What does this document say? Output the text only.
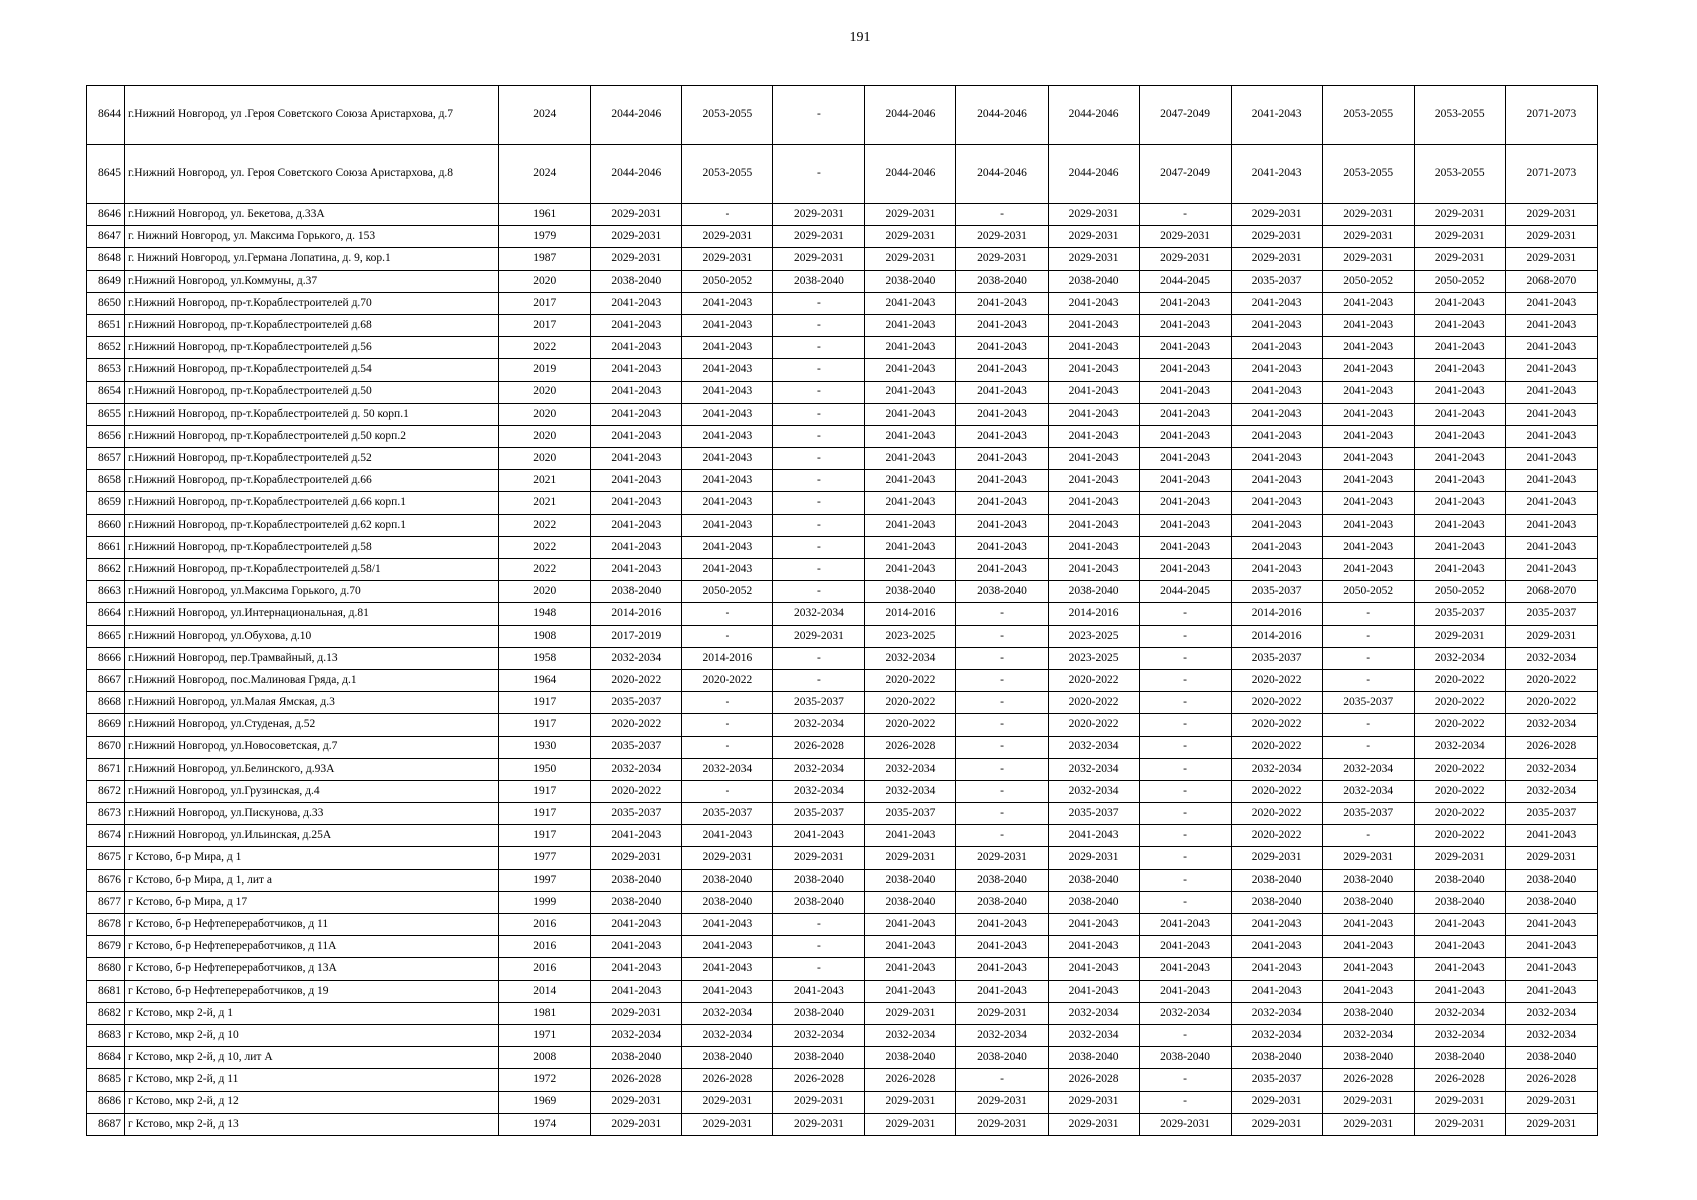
191
8644	г.Нижний Новгород, ул .Героя Советского Союза Аристархова, д.7	2024	2044-2046	2053-2055	-	2044-2046	2044-2046	2044-2046	2047-2049	2041-2043	2053-2055	2053-2055	2071-2073
8645	г.Нижний Новгород, ул. Героя Советского Союза Аристархова, д.8	2024	2044-2046	2053-2055	-	2044-2046	2044-2046	2044-2046	2047-2049	2041-2043	2053-2055	2053-2055	2071-2073
8646	г.Нижний Новгород, ул. Бекетова, д.33А	1961	2029-2031	-	2029-2031	2029-2031	-	2029-2031	-	2029-2031	2029-2031	2029-2031	2029-2031
8647	г. Нижний Новгород, ул. Максима Горького, д. 153	1979	2029-2031	2029-2031	2029-2031	2029-2031	2029-2031	2029-2031	2029-2031	2029-2031	2029-2031	2029-2031	2029-2031
8648	г. Нижний Новгород, ул.Германа Лопатина, д. 9, кор.1	1987	2029-2031	2029-2031	2029-2031	2029-2031	2029-2031	2029-2031	2029-2031	2029-2031	2029-2031	2029-2031	2029-2031
8649	г.Нижний Новгород, ул.Коммуны, д.37	2020	2038-2040	2050-2052	2038-2040	2038-2040	2038-2040	2038-2040	2044-2045	2035-2037	2050-2052	2050-2052	2068-2070
8650	г.Нижний Новгород, пр-т.Кораблестроителей д.70	2017	2041-2043	2041-2043	-	2041-2043	2041-2043	2041-2043	2041-2043	2041-2043	2041-2043	2041-2043	2041-2043
8651	г.Нижний Новгород, пр-т.Кораблестроителей д.68	2017	2041-2043	2041-2043	-	2041-2043	2041-2043	2041-2043	2041-2043	2041-2043	2041-2043	2041-2043	2041-2043
8652	г.Нижний Новгород, пр-т.Кораблестроителей д.56	2022	2041-2043	2041-2043	-	2041-2043	2041-2043	2041-2043	2041-2043	2041-2043	2041-2043	2041-2043	2041-2043
8653	г.Нижний Новгород, пр-т.Кораблестроителей д.54	2019	2041-2043	2041-2043	-	2041-2043	2041-2043	2041-2043	2041-2043	2041-2043	2041-2043	2041-2043	2041-2043
8654	г.Нижний Новгород, пр-т.Кораблестроителей д.50	2020	2041-2043	2041-2043	-	2041-2043	2041-2043	2041-2043	2041-2043	2041-2043	2041-2043	2041-2043	2041-2043
8655	г.Нижний Новгород, пр-т.Кораблестроителей д. 50 корп.1	2020	2041-2043	2041-2043	-	2041-2043	2041-2043	2041-2043	2041-2043	2041-2043	2041-2043	2041-2043	2041-2043
8656	г.Нижний Новгород, пр-т.Кораблестроителей д.50 корп.2	2020	2041-2043	2041-2043	-	2041-2043	2041-2043	2041-2043	2041-2043	2041-2043	2041-2043	2041-2043	2041-2043
8657	г.Нижний Новгород, пр-т.Кораблестроителей д.52	2020	2041-2043	2041-2043	-	2041-2043	2041-2043	2041-2043	2041-2043	2041-2043	2041-2043	2041-2043	2041-2043
8658	г.Нижний Новгород, пр-т.Кораблестроителей д.66	2021	2041-2043	2041-2043	-	2041-2043	2041-2043	2041-2043	2041-2043	2041-2043	2041-2043	2041-2043	2041-2043
8659	г.Нижний Новгород, пр-т.Кораблестроителей д.66 корп.1	2021	2041-2043	2041-2043	-	2041-2043	2041-2043	2041-2043	2041-2043	2041-2043	2041-2043	2041-2043	2041-2043
8660	г.Нижний Новгород, пр-т.Кораблестроителей д.62 корп.1	2022	2041-2043	2041-2043	-	2041-2043	2041-2043	2041-2043	2041-2043	2041-2043	2041-2043	2041-2043	2041-2043
8661	г.Нижний Новгород, пр-т.Кораблестроителей д.58	2022	2041-2043	2041-2043	-	2041-2043	2041-2043	2041-2043	2041-2043	2041-2043	2041-2043	2041-2043	2041-2043
8662	г.Нижний Новгород, пр-т.Кораблестроителей д.58/1	2022	2041-2043	2041-2043	-	2041-2043	2041-2043	2041-2043	2041-2043	2041-2043	2041-2043	2041-2043	2041-2043
8663	г.Нижний Новгород, ул.Максима Горького, д.70	2020	2038-2040	2050-2052	-	2038-2040	2038-2040	2038-2040	2044-2045	2035-2037	2050-2052	2050-2052	2068-2070
8664	г.Нижний Новгород, ул.Интернациональная, д.81	1948	2014-2016	-	2032-2034	2014-2016	-	2014-2016	-	2014-2016	-	2035-2037	2035-2037
8665	г.Нижний Новгород, ул.Обухова, д.10	1908	2017-2019	-	2029-2031	2023-2025	-	2023-2025	-	2014-2016	-	2029-2031	2029-2031
8666	г.Нижний Новгород, пер.Трамвайный, д.13	1958	2032-2034	2014-2016	-	2032-2034	-	2023-2025	-	2035-2037	-	2032-2034	2032-2034
8667	г.Нижний Новгород, пос.Малиновая Гряда, д.1	1964	2020-2022	2020-2022	-	2020-2022	-	2020-2022	-	2020-2022	-	2020-2022	2020-2022
8668	г.Нижний Новгород, ул.Малая Ямская, д.3	1917	2035-2037	-	2035-2037	2020-2022	-	2020-2022	-	2020-2022	2035-2037	2020-2022	2020-2022
8669	г.Нижний Новгород, ул.Студеная, д.52	1917	2020-2022	-	2032-2034	2020-2022	-	2020-2022	-	2020-2022	-	2020-2022	2032-2034
8670	г.Нижний Новгород, ул.Новосоветская, д.7	1930	2035-2037	-	2026-2028	2026-2028	-	2032-2034	-	2020-2022	-	2032-2034	2026-2028
8671	г.Нижний Новгород, ул.Белинского, д.93А	1950	2032-2034	2032-2034	2032-2034	2032-2034	-	2032-2034	-	2032-2034	2032-2034	2020-2022	2032-2034
8672	г.Нижний Новгород, ул.Грузинская, д.4	1917	2020-2022	-	2032-2034	2032-2034	-	2032-2034	-	2020-2022	2032-2034	2020-2022	2032-2034
8673	г.Нижний Новгород, ул.Пискунова, д.33	1917	2035-2037	2035-2037	2035-2037	2035-2037	-	2035-2037	-	2020-2022	2035-2037	2020-2022	2035-2037
8674	г.Нижний Новгород, ул.Ильинская, д.25А	1917	2041-2043	2041-2043	2041-2043	2041-2043	-	2041-2043	-	2020-2022	-	2020-2022	2041-2043
8675	г Кстово, б-р Мира, д 1	1977	2029-2031	2029-2031	2029-2031	2029-2031	2029-2031	2029-2031	-	2029-2031	2029-2031	2029-2031	2029-2031
8676	г Кстово, б-р Мира, д 1, лит а	1997	2038-2040	2038-2040	2038-2040	2038-2040	2038-2040	2038-2040	-	2038-2040	2038-2040	2038-2040	2038-2040
8677	г Кстово, б-р Мира, д 17	1999	2038-2040	2038-2040	2038-2040	2038-2040	2038-2040	2038-2040	-	2038-2040	2038-2040	2038-2040	2038-2040
8678	г Кстово, б-р Нефтепереработчиков, д 11	2016	2041-2043	2041-2043	-	2041-2043	2041-2043	2041-2043	2041-2043	2041-2043	2041-2043	2041-2043	2041-2043
8679	г Кстово, б-р Нефтепереработчиков, д 11А	2016	2041-2043	2041-2043	-	2041-2043	2041-2043	2041-2043	2041-2043	2041-2043	2041-2043	2041-2043	2041-2043
8680	г Кстово, б-р Нефтепереработчиков, д 13А	2016	2041-2043	2041-2043	-	2041-2043	2041-2043	2041-2043	2041-2043	2041-2043	2041-2043	2041-2043	2041-2043
8681	г Кстово, б-р Нефтепереработчиков, д 19	2014	2041-2043	2041-2043	2041-2043	2041-2043	2041-2043	2041-2043	2041-2043	2041-2043	2041-2043	2041-2043	2041-2043
8682	г Кстово, мкр 2-й, д 1	1981	2029-2031	2032-2034	2038-2040	2029-2031	2029-2031	2032-2034	2032-2034	2032-2034	2038-2040	2032-2034	2032-2034
8683	г Кстово, мкр 2-й, д 10	1971	2032-2034	2032-2034	2032-2034	2032-2034	2032-2034	2032-2034	-	2032-2034	2032-2034	2032-2034	2032-2034
8684	г Кстово, мкр 2-й, д 10, лит А	2008	2038-2040	2038-2040	2038-2040	2038-2040	2038-2040	2038-2040	2038-2040	2038-2040	2038-2040	2038-2040	2038-2040
8685	г Кстово, мкр 2-й, д 11	1972	2026-2028	2026-2028	2026-2028	2026-2028	-	2026-2028	-	2035-2037	2026-2028	2026-2028	2026-2028
8686	г Кстово, мкр 2-й, д 12	1969	2029-2031	2029-2031	2029-2031	2029-2031	2029-2031	2029-2031	-	2029-2031	2029-2031	2029-2031	2029-2031
8687	г Кстово, мкр 2-й, д 13	1974	2029-2031	2029-2031	2029-2031	2029-2031	2029-2031	2029-2031	2029-2031	2029-2031	2029-2031	2029-2031	2029-2031
